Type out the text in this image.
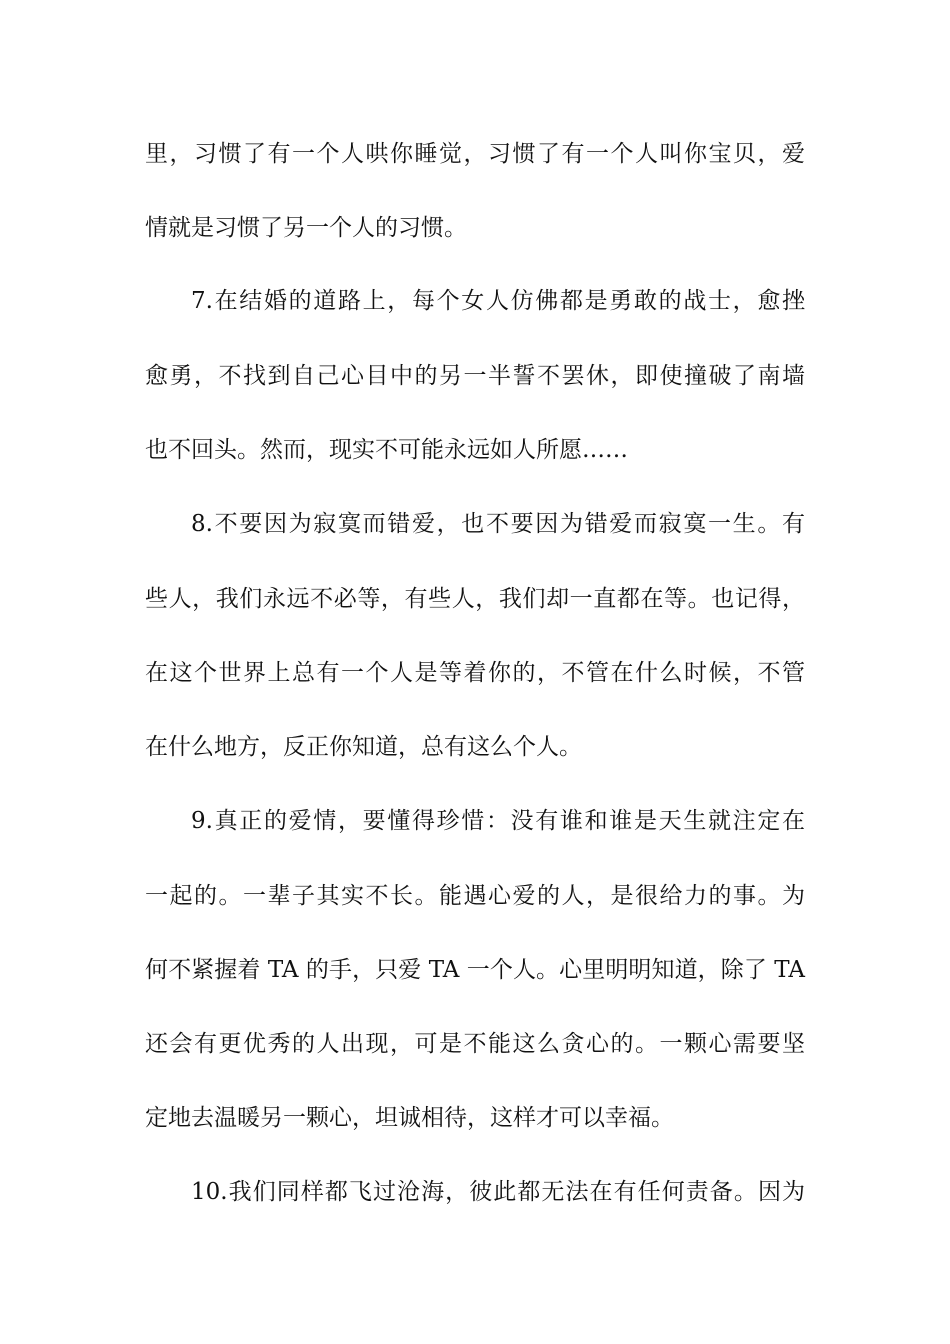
里，习惯了有一个人哄你睡觉，习惯了有一个人叫你宝贝，爱
情就是习惯了另一个人的习惯。
7.在结婚的道路上，每个女人仿佛都是勇敢的战士，愈挫
愈勇，不找到自己心目中的另一半誓不罢休，即使撞破了南墙
也不回头。然而，现实不可能永远如人所愿……
8.不要因为寂寞而错爱，也不要因为错爱而寂寞一生。有
些人，我们永远不必等，有些人，我们却一直都在等。也记得，
在这个世界上总有一个人是等着你的，不管在什么时候，不管
在什么地方，反正你知道，总有这么个人。
9.真正的爱情，要懂得珍惜：没有谁和谁是天生就注定在
一起的。一辈子其实不长。能遇心爱的人，是很给力的事。为
何不紧握着 TA 的手，只爱 TA 一个人。心里明明知道，除了 TA
还会有更优秀的人出现，可是不能这么贪心的。一颗心需要坚
定地去温暖另一颗心，坦诚相待，这样才可以幸福。
10.我们同样都飞过沧海，彼此都无法在有任何责备。因为
